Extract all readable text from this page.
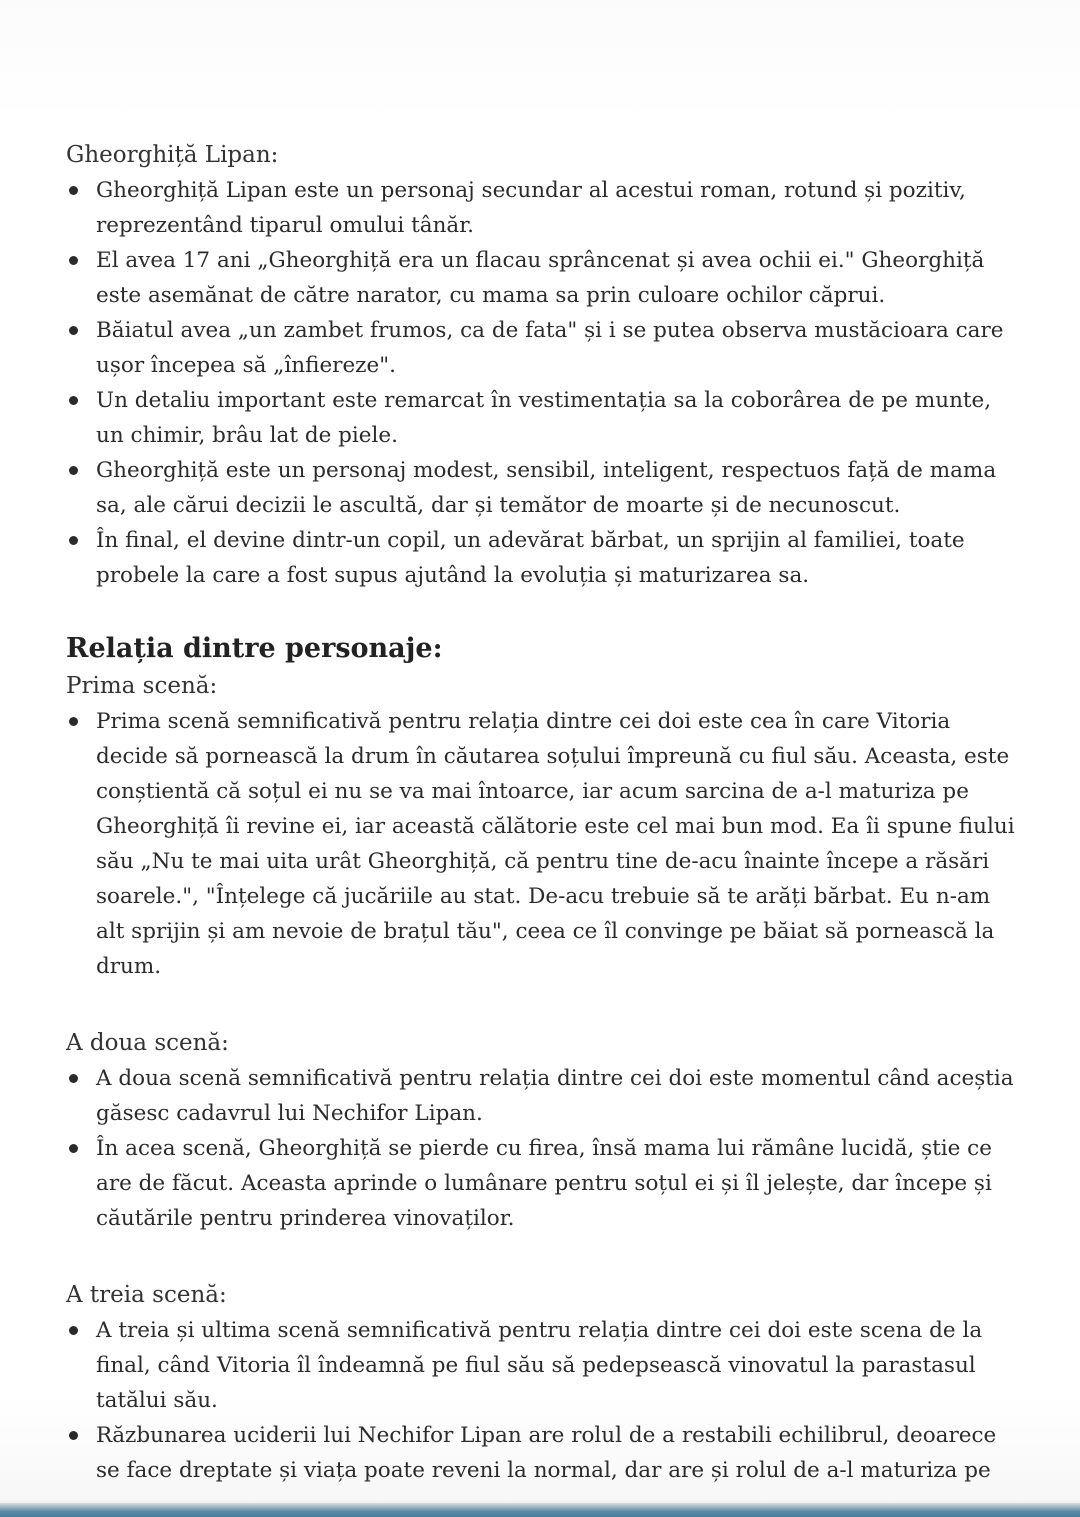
Gheorghiță Lipan:

Gheorghiță Lipan este un personaj secundar al acestui roman, rotund și pozitiv, reprezentând tiparul omului tânăr.
El avea 17 ani „Gheorghiță era un flacau sprâncenat și avea ochii ei." Gheorghiță este asemănat de către narator, cu mama sa prin culoare ochilor căprui.
Băiatul avea „un zambet frumos, ca de fata" și i se putea observa mustăcioara care ușor începea să „înfiereze".
Un detaliu important este remarcat în vestimentația sa la coborârea de pe munte, un chimir, brâu lat de piele.
Gheorghiță este un personaj modest, sensibil, inteligent, respectuos față de mama sa, ale cărui decizii le ascultă, dar și temător de moarte și de necunoscut.
În final, el devine dintr-un copil, un adevărat bărbat, un sprijin al familiei, toate probele la care a fost supus ajutând la evoluția și maturizarea sa.
Relația dintre personaje:

Prima scenă:

Prima scenă semnificativă pentru relația dintre cei doi este cea în care Vitoria decide să pornească la drum în căutarea soțului împreună cu fiul său. Aceasta, este conștientă că soțul ei nu se va mai întoarce, iar acum sarcina de a-l maturiza pe Gheorghiță îi revine ei, iar această călătorie este cel mai bun mod. Ea îi spune fiului său „Nu te mai uita urât Gheorghiță, că pentru tine de-acu înainte începe a răsări soarele.", "Înțelege că jucăriile au stat. De-acu trebuie să te arăți bărbat. Eu n-am alt sprijin și am nevoie de brațul tău", ceea ce îl convinge pe băiat să pornească la drum.

A doua scenă:

A doua scenă semnificativă pentru relația dintre cei doi este momentul când aceștia găsesc cadavrul lui Nechifor Lipan.
În acea scenă, Gheorghiță se pierde cu firea, însă mama lui rămâne lucidă, știe ce are de făcut. Aceasta aprinde o lumânare pentru soțul ei și îl jelește, dar începe și căutările pentru prinderea vinovaților.

A treia scenă:

A treia și ultima scenă semnificativă pentru relația dintre cei doi este scena de la final, când Vitoria îl îndeamnă pe fiul său să pedepsească vinovatul la parastasul tatălui său.
Răzbunarea uciderii lui Nechifor Lipan are rolul de a restabili echilibrul, deoarece se face dreptate și viața poate reveni la normal, dar are și rolul de a-l maturiza pe
